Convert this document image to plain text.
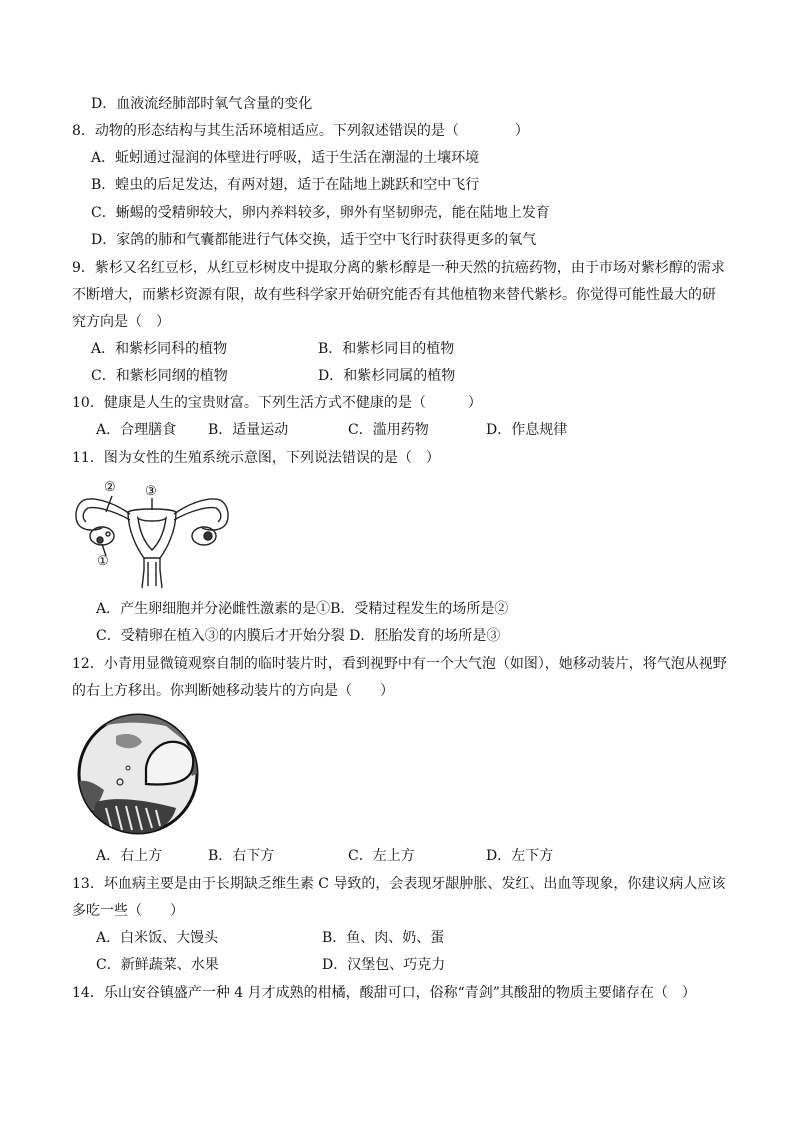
D．血液流经肺部时氧气含量的变化
8．动物的形态结构与其生活环境相适应。下列叙述错误的是（　　　　）
A．蚯蚓通过湿润的体壁进行呼吸，适于生活在潮湿的土壤环境
B．蝗虫的后足发达，有两对翅，适于在陆地上跳跃和空中飞行
C．蜥蜴的受精卵较大，卵内养料较多，卵外有坚韧卵壳，能在陆地上发育
D．家鸽的肺和气囊都能进行气体交换，适于空中飞行时获得更多的氧气
9．紫杉又名红豆杉，从红豆杉树皮中提取分离的紫杉醇是一种天然的抗癌药物，由于市场对紫杉醇的需求
不断增大，而紫杉资源有限，故有些科学家开始研究能否有其他植物来替代紫杉。你觉得可能性最大的研
究方向是（　）
A．和紫杉同科的植物	B．和紫杉同目的植物
C．和紫杉同纲的植物	D．和紫杉同属的植物
10．健康是人生的宝贵财富。下列生活方式不健康的是（　　　）
A．合理膳食 B．适量运动	C．滥用药物	D．作息规律
11．图为女性的生殖系统示意图，下列说法错误的是（　）
② ③
①
A．产生卵细胞并分泌雌性激素的是①B．受精过程发生的场所是②
C．受精卵在植入③的内膜后才开始分裂 D．胚胎发育的场所是③
12．小青用显微镜观察自制的临时装片时，看到视野中有一个大气泡（如图），她移动装片，将气泡从视野
的右上方移出。你判断她移动装片的方向是（　　）
A．右上方	B．右下方	C．左上方	D．左下方
13．坏血病主要是由于长期缺乏维生素 C 导致的，会表现牙龈肿胀、发红、出血等现象，你建议病人应该
多吃一些（　　）
A．白米饭、大馒头	B．鱼、肉、奶、蛋
C．新鲜蔬菜、水果	D．汉堡包、巧克力
14．乐山安谷镇盛产一种 4 月才成熟的柑橘，酸甜可口，俗称“青剑”其酸甜的物质主要储存在（　）
